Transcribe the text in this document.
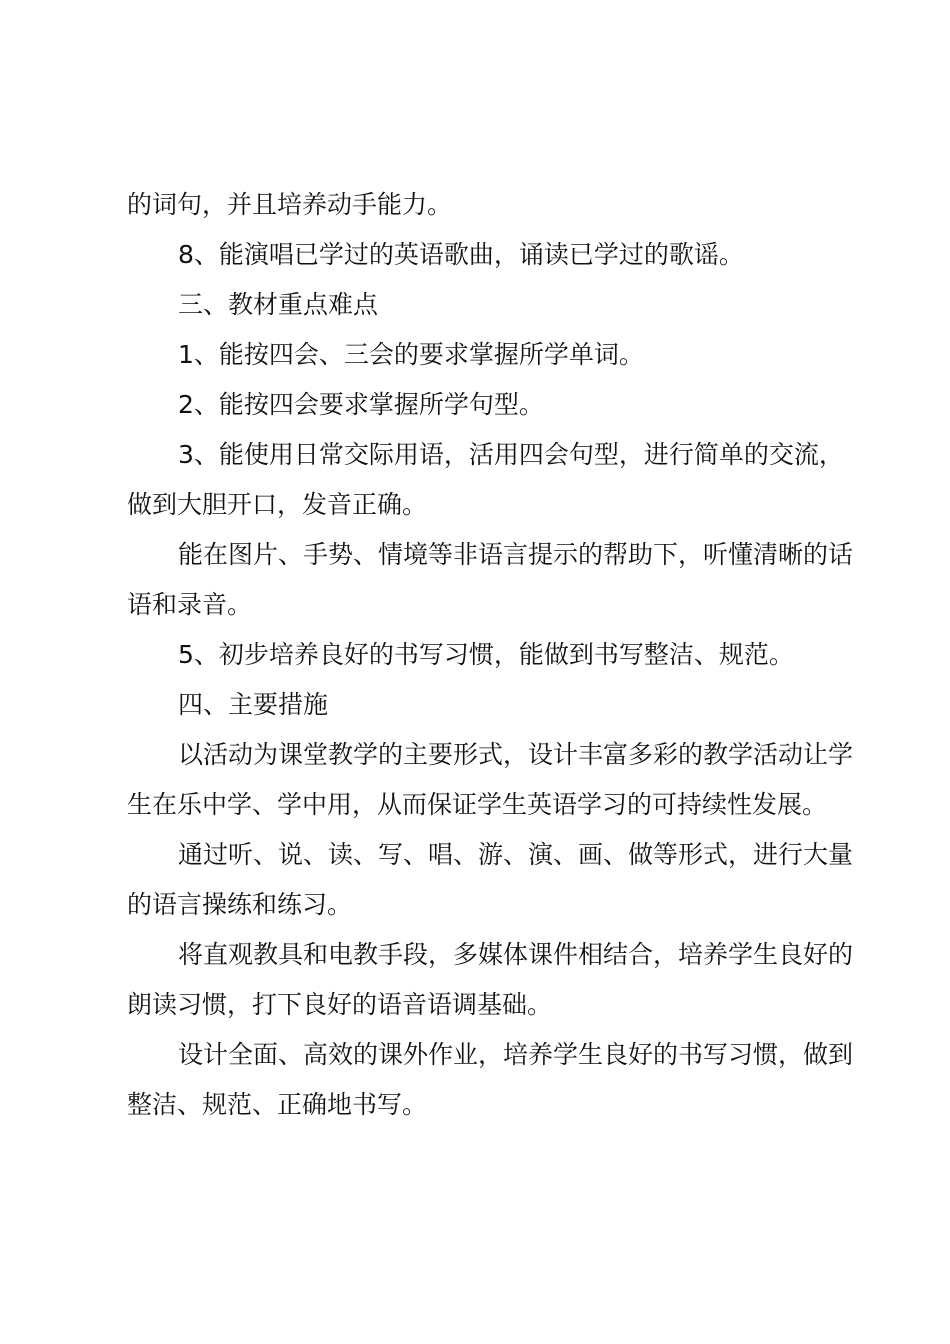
的词句，并且培养动手能力。

8、能演唱已学过的英语歌曲，诵读已学过的歌谣。

三、教材重点难点

1、能按四会、三会的要求掌握所学单词。

2、能按四会要求掌握所学句型。

3、能使用日常交际用语，活用四会句型，进行简单的交流，做到大胆开口，发音正确。

能在图片、手势、情境等非语言提示的帮助下，听懂清晰的话语和录音。

5、初步培养良好的书写习惯，能做到书写整洁、规范。

四、主要措施

以活动为课堂教学的主要形式，设计丰富多彩的教学活动让学生在乐中学、学中用，从而保证学生英语学习的可持续性发展。

通过听、说、读、写、唱、游、演、画、做等形式，进行大量的语言操练和练习。

将直观教具和电教手段，多媒体课件相结合，培养学生良好的朗读习惯，打下良好的语音语调基础。

设计全面、高效的课外作业，培养学生良好的书写习惯，做到整洁、规范、正确地书写。
